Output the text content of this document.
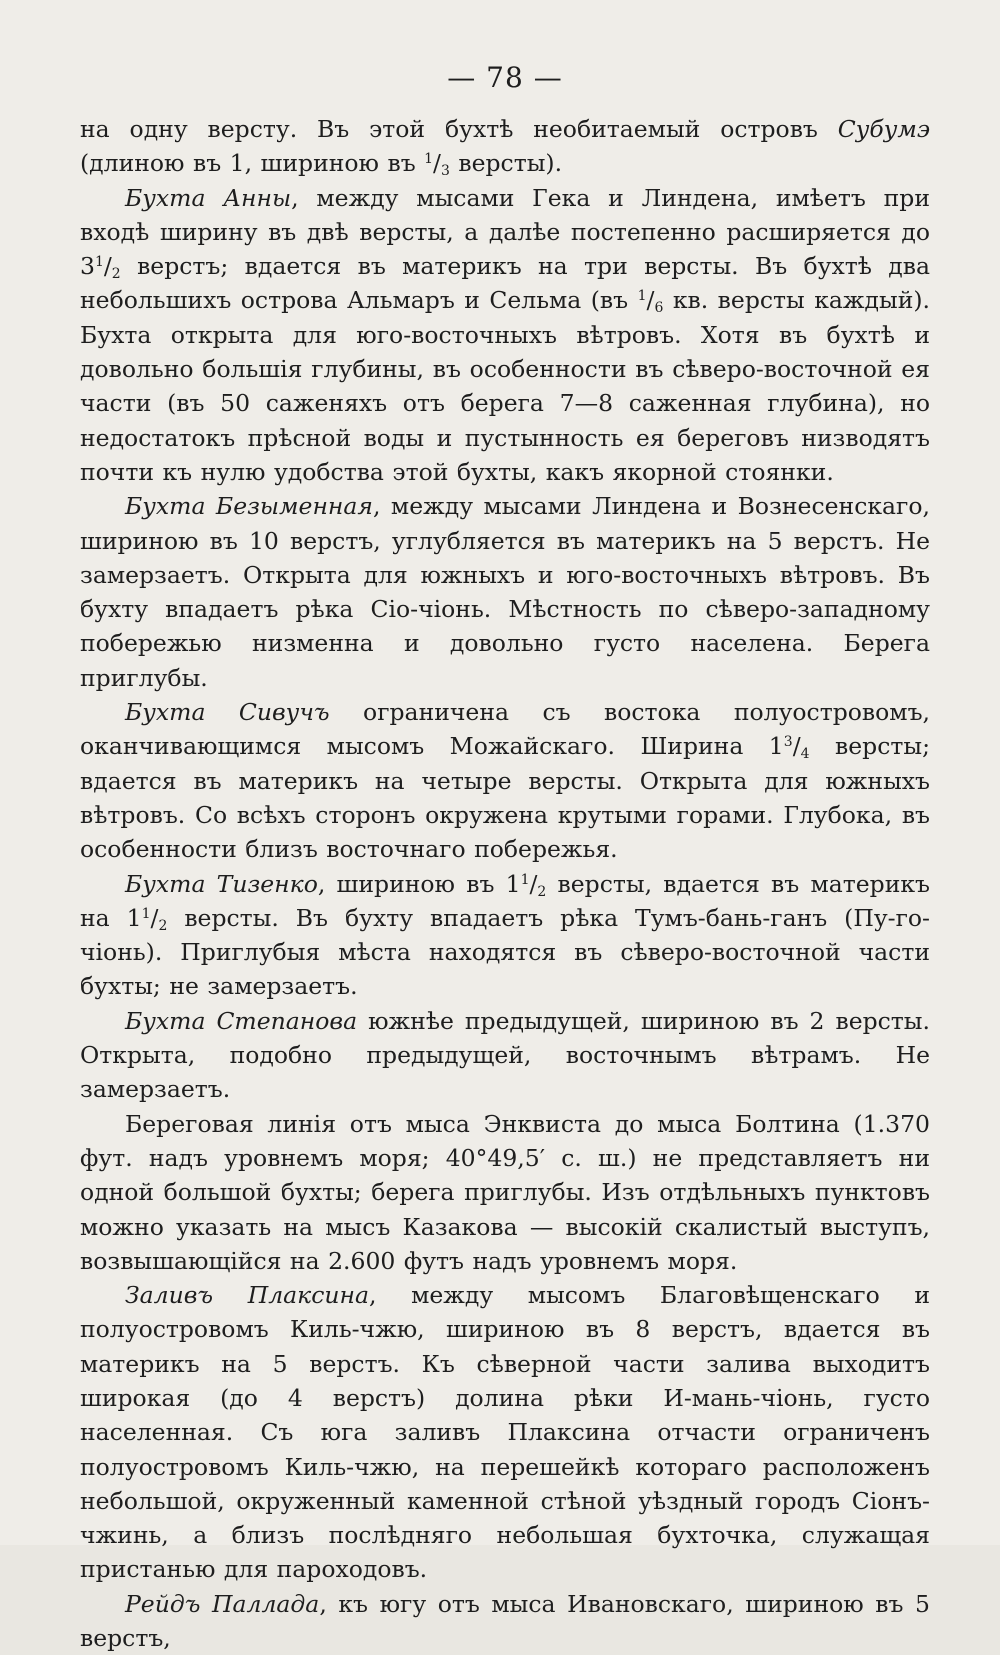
— 78 —

на одну версту. Въ этой бухтѣ необитаемый островъ Субумэ (длиною въ 1, шириною въ $^1/_3$ версты).

Бухта Анны, между мысами Гека и Линдена, имѣетъ при входѣ ширину въ двѣ версты, а далѣе постепенно расширяется до $3^1/_2$ верстъ; вдается въ материкъ на три версты. Въ бухтѣ два небольшихъ острова Альмаръ и Сельма (въ $^1/_6$ кв. версты каждый). Бухта открыта для юго-восточныхъ вѣтровъ. Хотя въ бухтѣ и довольно большія глубины, въ особенности въ сѣверо-восточной ея части (въ 50 саженяхъ отъ берега 7—8 саженная глубина), но недостатокъ прѣсной воды и пустынность ея береговъ низводятъ почти къ нулю удобства этой бухты, какъ якорной стоянки.

Бухта Безыменная, между мысами Линдена и Вознесенскаго, шириною въ 10 верстъ, углубляется въ материкъ на 5 верстъ. Не замерзаетъ. Открыта для южныхъ и юго-восточныхъ вѣтровъ. Въ бухту впадаетъ рѣка Сіо-чіонь. Мѣстность по сѣверо-западному побережью низменна и довольно густо населена. Берега приглубы.

Бухта Сивучъ ограничена съ востока полуостровомъ, оканчивающимся мысомъ Можайскаго. Ширина $1^3/_4$ версты; вдается въ материкъ на четыре версты. Открыта для южныхъ вѣтровъ. Со всѣхъ сторонъ окружена крутыми горами. Глубока, въ особенности близъ восточнаго побережья.

Бухта Тизенко, шириною въ $1^1/_2$ версты, вдается въ материкъ на $1^1/_2$ версты. Въ бухту впадаетъ рѣка Тумъ-бань-ганъ (Пу-го-чіонь). Приглубыя мѣста находятся въ сѣверо-восточной части бухты; не замерзаетъ.

Бухта Степанова южнѣе предыдущей, шириною въ 2 версты. Открыта, подобно предыдущей, восточнымъ вѣтрамъ. Не замерзаетъ.

Береговая линія отъ мыса Энквиста до мыса Болтина (1.370 фут. надъ уровнемъ моря; 40°49,5′ с. ш.) не представляетъ ни одной большой бухты; берега приглубы. Изъ отдѣльныхъ пунктовъ можно указать на мысъ Казакова — высокій скалистый выступъ, возвышающійся на 2.600 футъ надъ уровнемъ моря.

Заливъ Плаксина, между мысомъ Благовѣщенскаго и полуостровомъ Киль-чжю, шириною въ 8 верстъ, вдается въ материкъ на 5 верстъ. Къ сѣверной части залива выходитъ широкая (до 4 верстъ) долина рѣки И-мань-чіонь, густо населенная. Съ юга заливъ Плаксина отчасти ограниченъ полуостровомъ Киль-чжю, на перешейкѣ котораго расположенъ небольшой, окруженный каменной стѣной уѣздный городъ Сіонъ-чжинь, а близъ послѣдняго небольшая бухточка, служащая пристанью для пароходовъ.

Рейдъ Паллада, къ югу отъ мыса Ивановскаго, шириною въ 5 верстъ,
